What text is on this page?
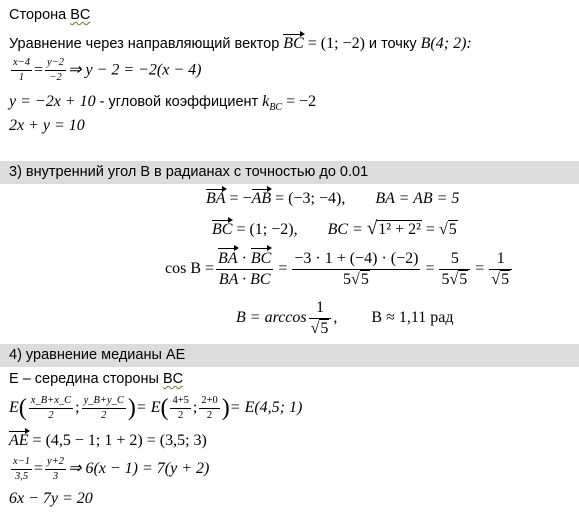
Сторона BC
Уравнение через направляющий вектор BC = (1; −2) и точку B(4; 2):
$\frac{x-4}{1} = \frac{y-2}{-2}$ ⇒ y − 2 = −2(x − 4)
y = −2x + 10 - угловой коэффициент $k_{BC} = -2$
2x + y = 10
3) внутренний угол B в радианах с точностью до 0.01
BA = −AB = (−3; −4), BA = AB = 5
BC = (1; −2), BC = √1² + 2² = √5
$\cos B = \frac{BA \cdot BC}{BA \cdot BC} = \frac{-3 \cdot 1 + (-4) \cdot (-2)}{5√5} = \frac{5}{5√5} = \frac{1}{√5}$
$B = \arccos \frac{1}{√5}$ , B ≈ 1,11 рад
4) уравнение медианы AE
E – середина стороны BC
E ( $\frac{x\_B+x\_C}{2}$ ; $\frac{y\_B+y\_C}{2}$ ) = E ( $\frac{4+5}{2}$ ; $\frac{2+0}{2}$ ) = E(4,5; 1)
AE = (4,5 − 1; 1 + 2) = (3,5; 3)
$\frac{x-1}{3,5} = \frac{y+2}{3}$ ⇒ 6(x − 1) = 7(y + 2)
6x − 7y = 20
